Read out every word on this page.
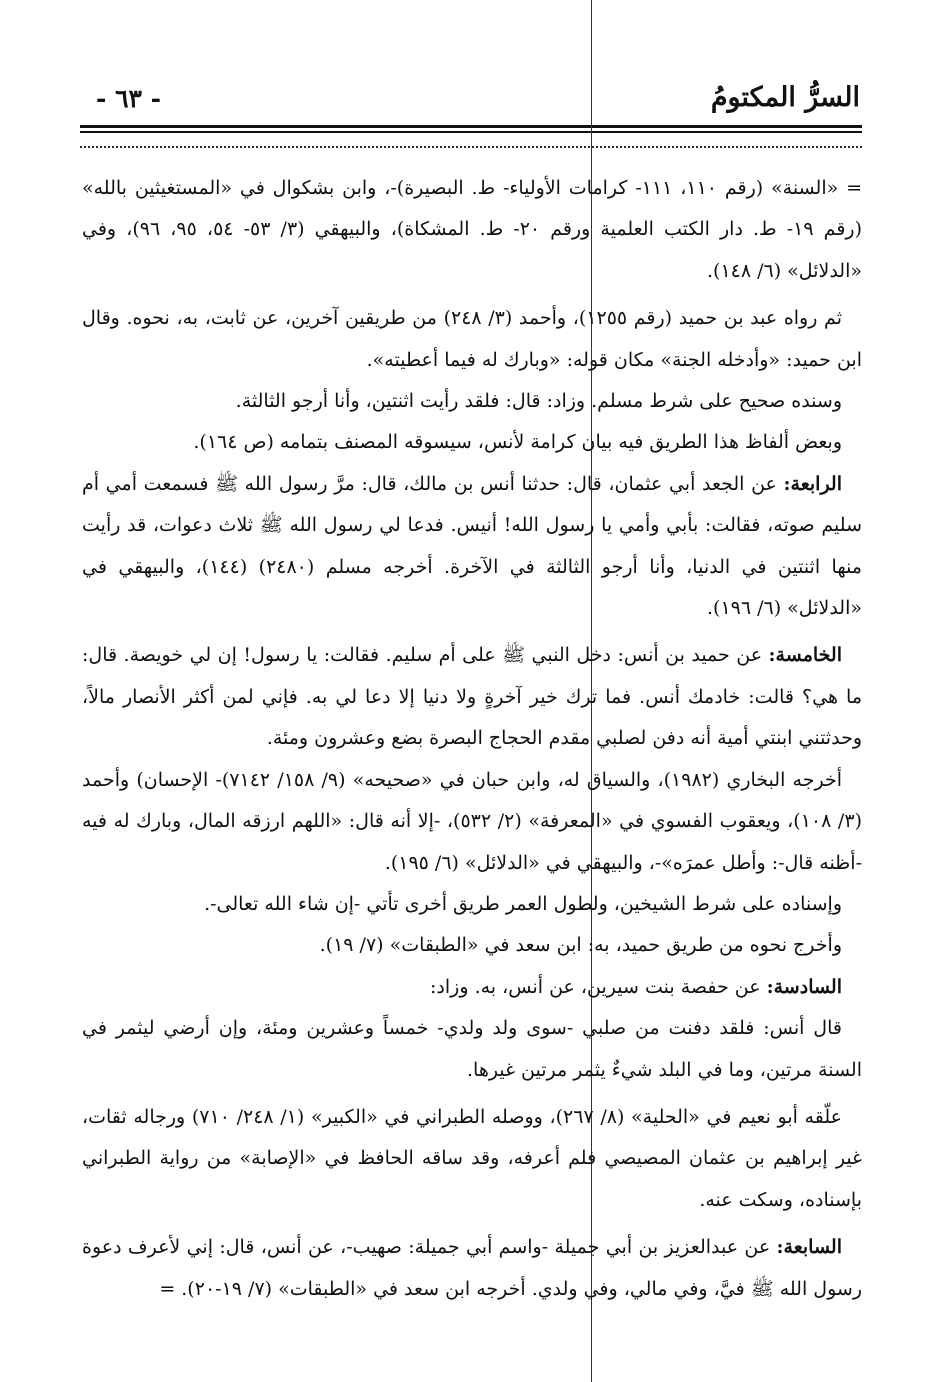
السرُّ المكتومُ
- ٦٣ -

= «السنة» (رقم ١١٠، ١١١- كرامات الأولياء- ط. البصيرة)-، وابن بشكوال في «المستغيثين بالله» (رقم ١٩- ط. دار الكتب العلمية ورقم ٢٠- ط. المشكاة)، والبيهقي (٣/ ٥٣- ٥٤، ٩٥، ٩٦)، وفي «الدلائل» (٦/ ١٤٨).

ثم رواه عبد بن حميد (رقم ١٢٥٥)، وأحمد (٣/ ٢٤٨) من طريقين آخرين، عن ثابت، به، نحوه. وقال ابن حميد: «وأدخله الجنة» مكان قوله: «وبارك له فيما أعطيته».

وسنده صحيح على شرط مسلم. وزاد: قال: فلقد رأيت اثنتين، وأنا أرجو الثالثة.

وبعض ألفاظ هذا الطريق فيه بيان كرامة لأنس، سيسوقه المصنف بتمامه (ص ١٦٤).

الرابعة: عن الجعد أبي عثمان، قال: حدثنا أنس بن مالك، قال: مرَّ رسول الله ﷺ فسمعت أمي أم سليم صوته، فقالت: بأبي وأمي يا رسول الله! أنيس. فدعا لي رسول الله ﷺ ثلاث دعوات، قد رأيت منها اثنتين في الدنيا، وأنا أرجو الثالثة في الآخرة. أخرجه مسلم (٢٤٨٠) (١٤٤)، والبيهقي في «الدلائل» (٦/ ١٩٦).

الخامسة: عن حميد بن أنس: دخل النبي ﷺ على أم سليم. فقالت: يا رسول! إن لي خويصة. قال: ما هي؟ قالت: خادمك أنس. فما ترك خير آخرةٍ ولا دنيا إلا دعا لي به. فإني لمن أكثر الأنصار مالاً، وحدثتني ابنتي أمية أنه دفن لصلبي مقدم الحجاج البصرة بضع وعشرون ومئة.

أخرجه البخاري (١٩٨٢)، والسياق له، وابن حبان في «صحيحه» (٩/ ١٥٨/ ٧١٤٢)- الإحسان) وأحمد (٣/ ١٠٨)، ويعقوب الفسوي في «المعرفة» (٢/ ٥٣٢)، -إلا أنه قال: «اللهم ارزقه المال، وبارك له فيه -أظنه قال-: وأطل عمرَه»-، والبيهقي في «الدلائل» (٦/ ١٩٥).

وإسناده على شرط الشيخين، ولطول العمر طريق أخرى تأتي -إن شاء الله تعالى-.

وأخرج نحوه من طريق حميد، به: ابن سعد في «الطبقات» (٧/ ١٩).

السادسة: عن حفصة بنت سيرين، عن أنس، به. وزاد:

قال أنس: فلقد دفنت من صلبي -سوى ولد ولدي- خمساً وعشرين ومئة، وإن أرضي ليثمر في السنة مرتين، وما في البلد شيءٌ يثمر مرتين غيرها.

علّقه أبو نعيم في «الحلية» (٨/ ٢٦٧)، ووصله الطبراني في «الكبير» (١/ ٢٤٨/ ٧١٠) ورجاله ثقات، غير إبراهيم بن عثمان المصيصي فلم أعرفه، وقد ساقه الحافظ في «الإصابة» من رواية الطبراني بإسناده، وسكت عنه.

السابعة: عن عبدالعزيز بن أبي جميلة -واسم أبي جميلة: صهيب-، عن أنس، قال: إني لأعرف دعوة رسول الله ﷺ فيَّ، وفي مالي، وفي ولدي. أخرجه ابن سعد في «الطبقات» (٧/ ١٩-٢٠). =
